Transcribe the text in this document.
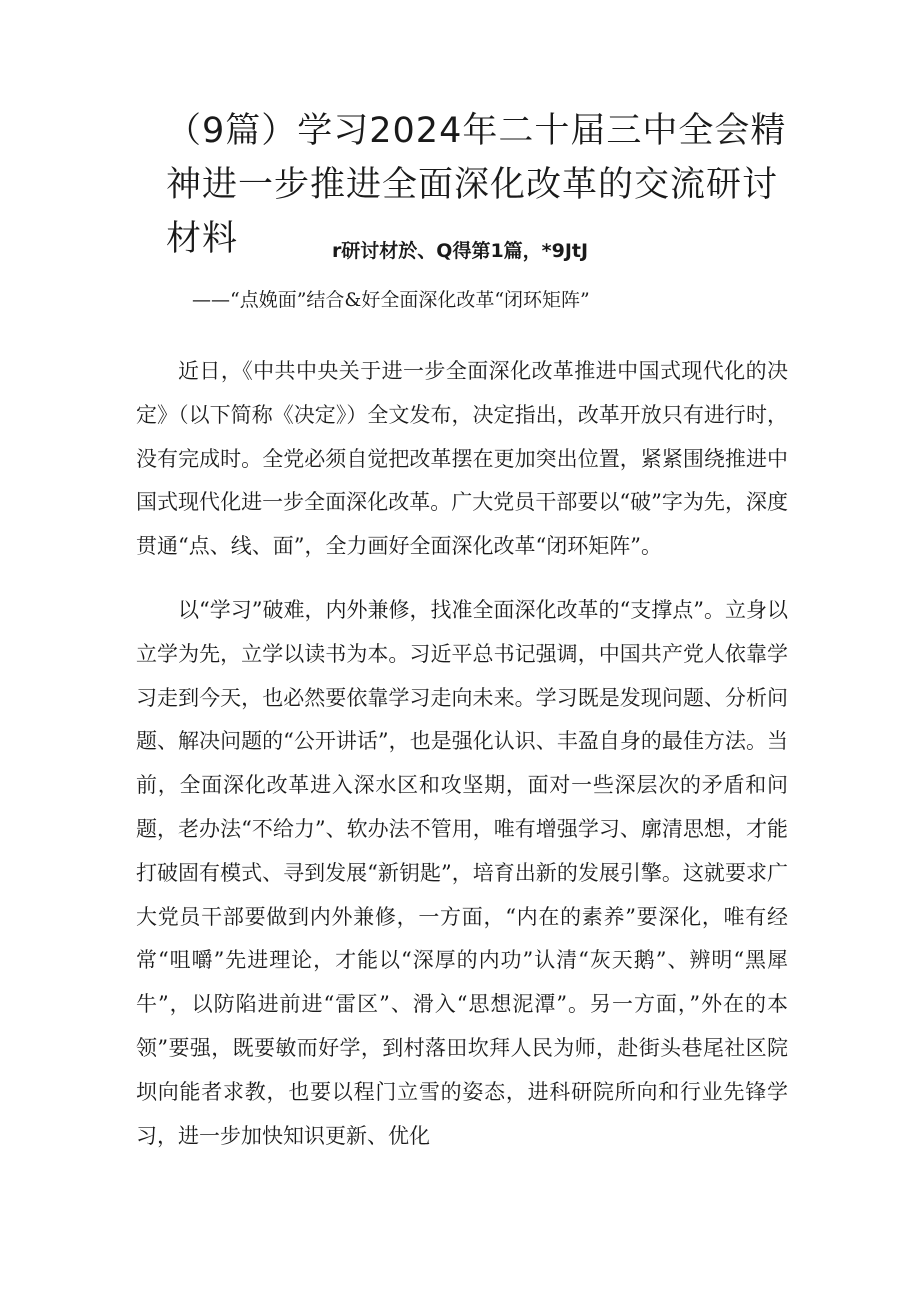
（9篇）学习2024年二十届三中全会精神进一步推进全面深化改革的交流研讨材料	r研讨材於、Q得第1篇，*9JtJ
——“点娩面”结合&好全面深化改革“闭环矩阵”

近日，《中共中央关于进一步全面深化改革推进中国式现代化的决定》（以下简称《决定》）全文发布，决定指出，改革开放只有进行时，没有完成时。全党必须自觉把改革摆在更加突出位置，紧紧围绕推进中国式现代化进一步全面深化改革。广大党员干部要以“破”字为先，深度贯通“点、线、面”，全力画好全面深化改革“闭环矩阵”。

以“学习”破难，内外兼修，找准全面深化改革的“支撑点”。立身以立学为先，立学以读书为本。习近平总书记强调，中国共产党人依靠学习走到今天，也必然要依靠学习走向未来。学习既是发现问题、分析问题、解决问题的“公开讲话”，也是强化认识、丰盈自身的最佳方法。当前，全面深化改革进入深水区和攻坚期，面对一些深层次的矛盾和问题，老办法“不给力”、软办法不管用，唯有增强学习、廓清思想，才能打破固有模式、寻到发展“新钥匙”，培育出新的发展引擎。这就要求广大党员干部要做到内外兼修，一方面，“内在的素养”要深化，唯有经常“咀嚼”先进理论，才能以“深厚的内功”认清“灰天鹅”、辨明“黑犀牛”，以防陷进前进“雷区”、滑入“思想泥潭”。另一方面，”外在的本领”要强，既要敏而好学，到村落田坎拜人民为师，赴街头巷尾社区院坝向能者求教，也要以程门立雪的姿态，进科研院所向和行业先锋学习，进一步加快知识更新、优化
